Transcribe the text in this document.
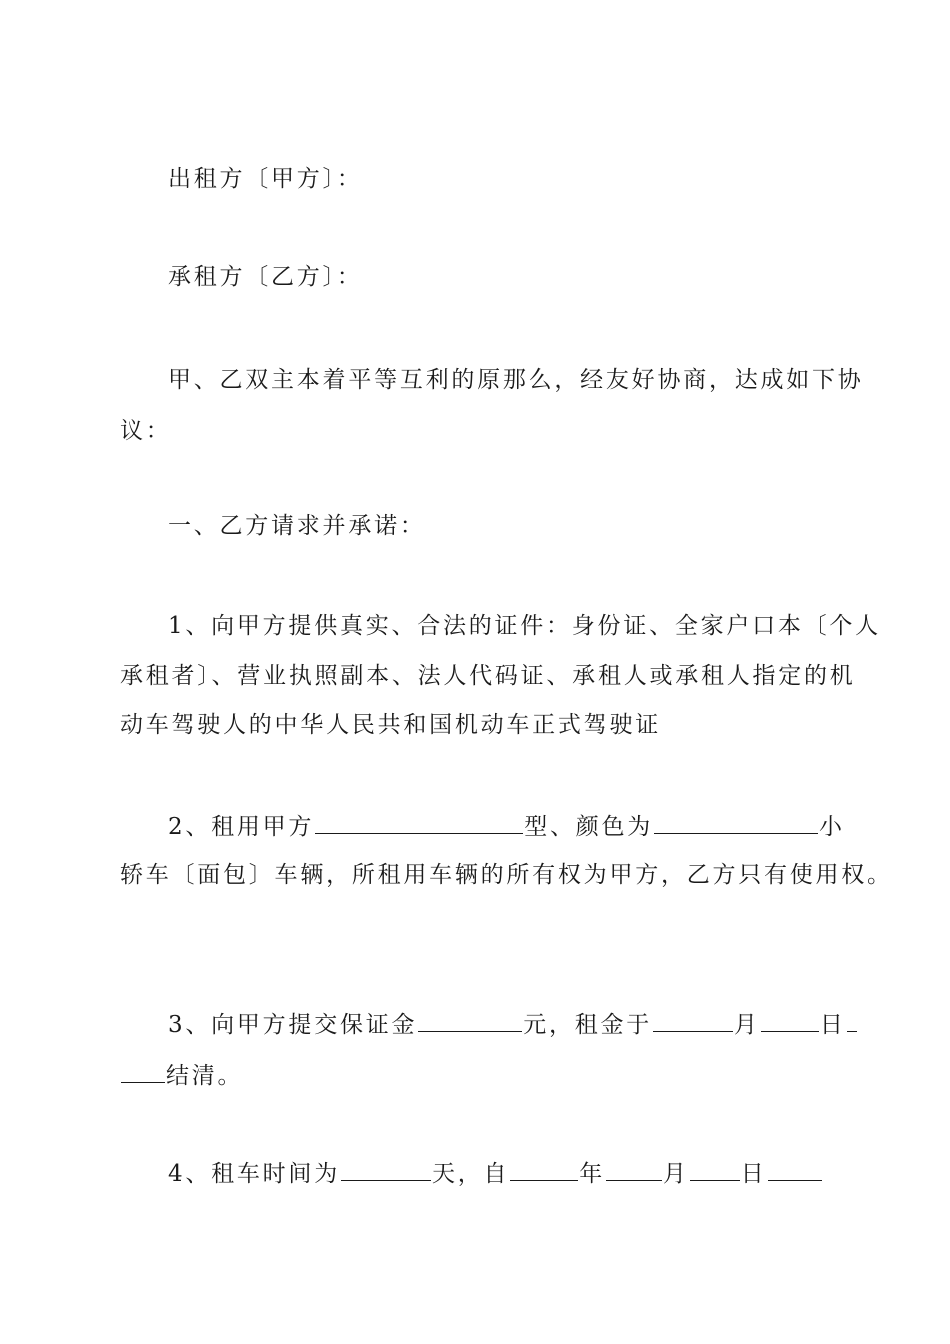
出租方〔甲方〕：
承租方〔乙方〕：
甲、乙双主本着平等互利的原那么，经友好协商，达成如下协
议：
一、乙方请求并承诺：
1、向甲方提供真实、合法的证件：身份证、全家户口本〔个人
承租者〕、营业执照副本、法人代码证、承租人或承租人指定的机
动车驾驶人的中华人民共和国机动车正式驾驶证
2、租用甲方	型、颜色为	小
轿车〔面包〕车辆，所租用车辆的所有权为甲方，乙方只有使用权。
3、向甲方提交保证金	元，租金于	月	日
结清。
4、租车时间为	天，自	年	月 日
